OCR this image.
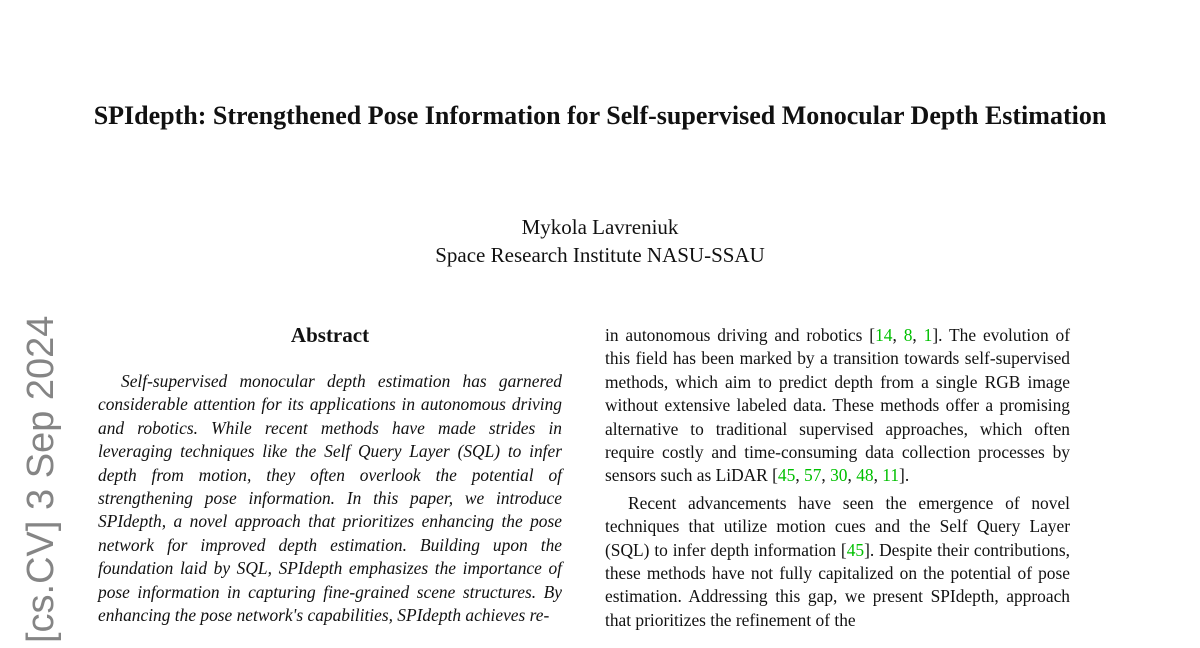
[cs.CV] 3 Sep 2024
SPIdepth: Strengthened Pose Information for Self-supervised Monocular Depth Estimation
Mykola Lavreniuk
Space Research Institute NASU-SSAU
Abstract

Self-supervised monocular depth estimation has garnered considerable attention for its applications in autonomous driving and robotics. While recent methods have made strides in leveraging techniques like the Self Query Layer (SQL) to infer depth from motion, they often overlook the potential of strengthening pose information. In this paper, we introduce SPIdepth, a novel approach that prioritizes enhancing the pose network for improved depth estimation. Building upon the foundation laid by SQL, SPIdepth emphasizes the importance of pose information in capturing fine-grained scene structures. By enhancing the pose network's capabilities, SPIdepth achieves re-

in autonomous driving and robotics [14, 8, 1]. The evolution of this field has been marked by a transition towards self-supervised methods, which aim to predict depth from a single RGB image without extensive labeled data. These methods offer a promising alternative to traditional supervised approaches, which often require costly and time-consuming data collection processes by sensors such as LiDAR [45, 57, 30, 48, 11].

Recent advancements have seen the emergence of novel techniques that utilize motion cues and the Self Query Layer (SQL) to infer depth information [45]. Despite their contributions, these methods have not fully capitalized on the potential of pose estimation. Addressing this gap, we present SPIdepth, approach that prioritizes the refinement of the
